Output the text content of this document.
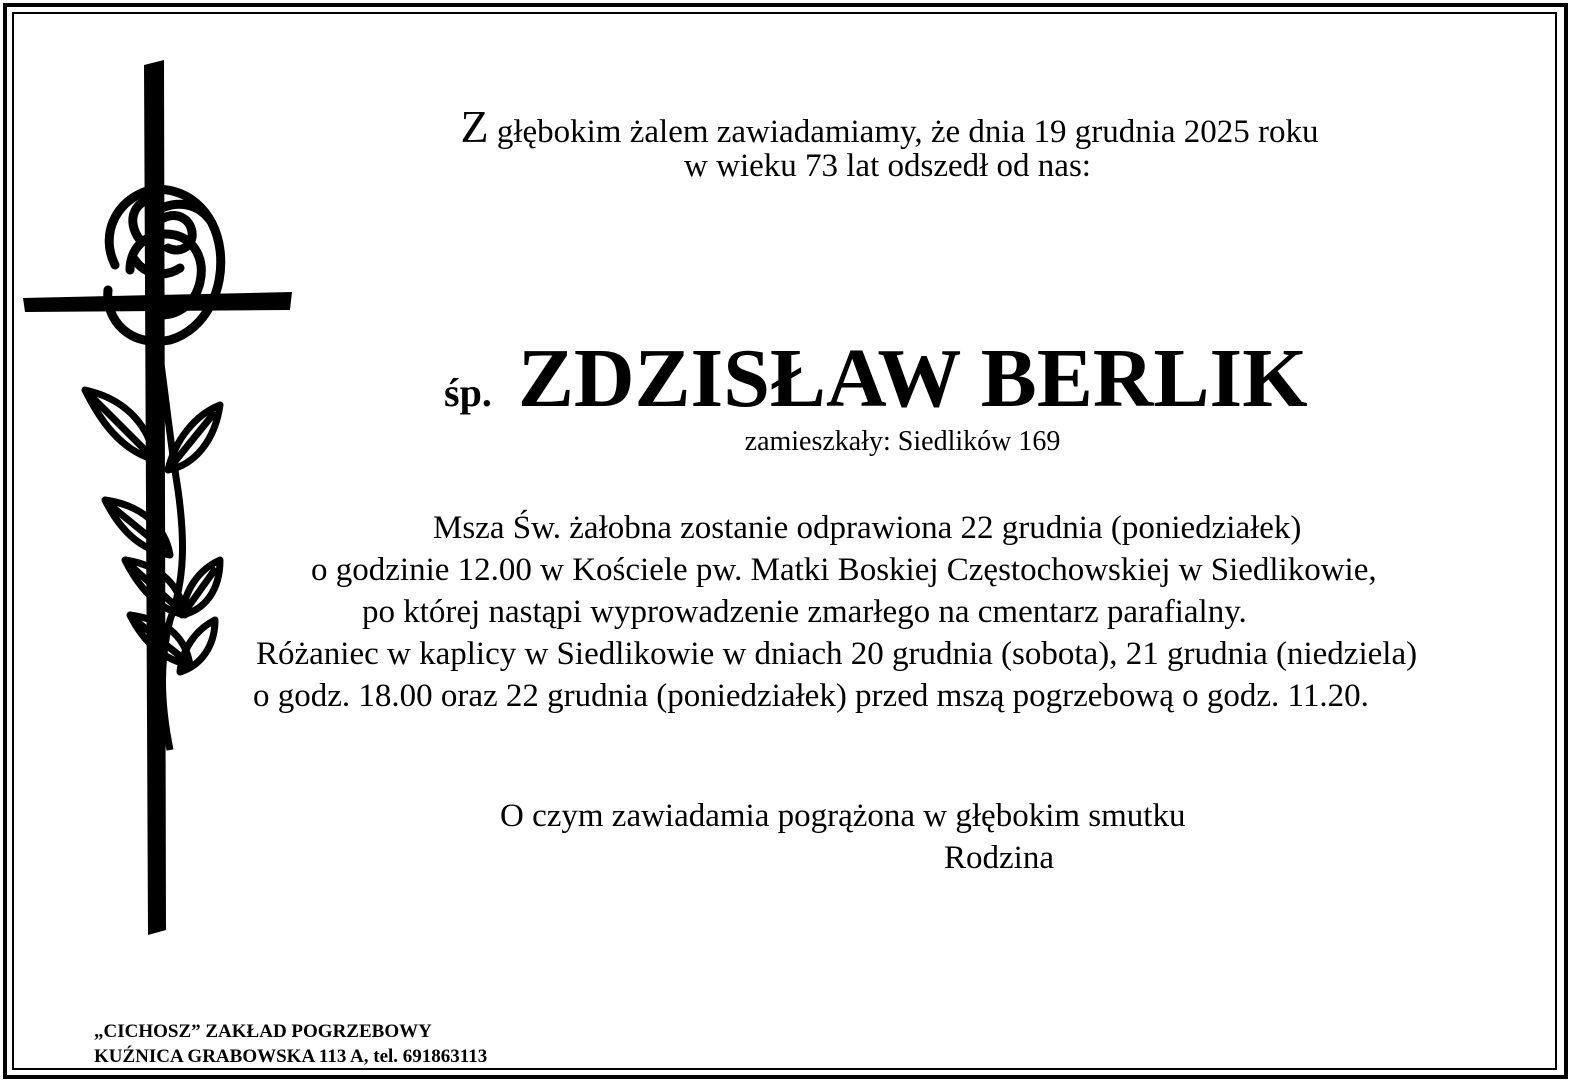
Z głębokim żalem zawiadamiamy, że dnia 19 grudnia 2025 roku
w wieku 73 lat odszedł od nas:
śp. ZDZISŁAW BERLIK
zamieszkały: Siedlików 169
Msza Św. żałobna zostanie odprawiona 22 grudnia (poniedziałek)
o godzinie 12.00 w Kościele pw. Matki Boskiej Częstochowskiej w Siedlikowie,
po której nastąpi wyprowadzenie zmarłego na cmentarz parafialny.
Różaniec w kaplicy w Siedlikowie w dniach 20 grudnia (sobota), 21 grudnia (niedziela)
o godz. 18.00 oraz 22 grudnia (poniedziałek) przed mszą pogrzebową o godz. 11.20.
O czym zawiadamia pogrążona w głębokim smutku
Rodzina
„CICHOSZ” ZAKŁAD POGRZEBOWY
KUŹNICA GRABOWSKA 113 A, tel. 691863113
